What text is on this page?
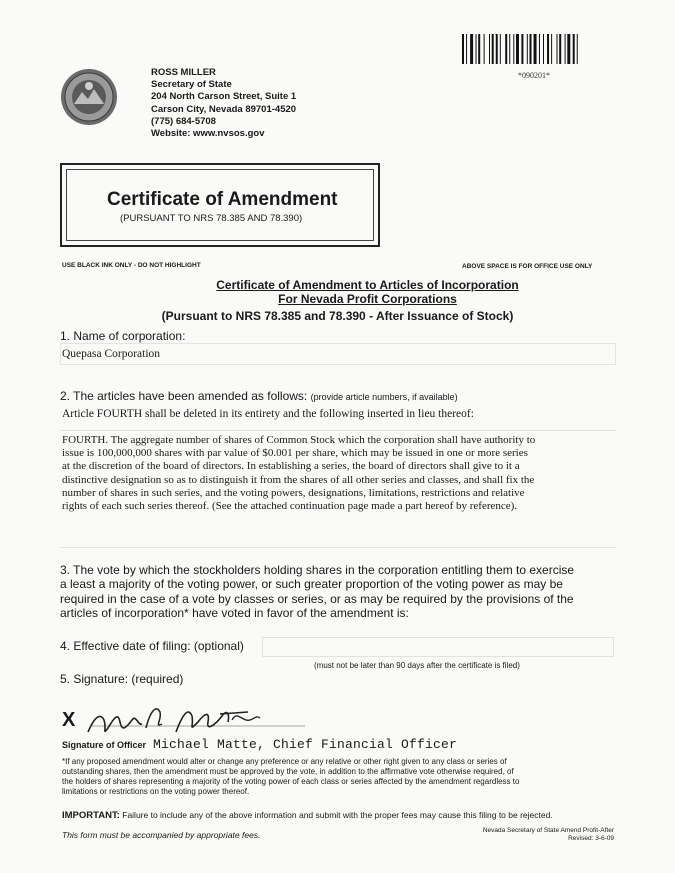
*090201*
ROSS MILLER
Secretary of State
204 North Carson Street, Suite 1
Carson City, Nevada 89701-4520
(775) 684-5708
Website: www.nvsos.gov
Certificate of Amendment
(PURSUANT TO NRS 78.385 AND 78.390)
USE BLACK INK ONLY - DO NOT HIGHLIGHT	ABOVE SPACE IS FOR OFFICE USE ONLY
Certificate of Amendment to Articles of Incorporation
For Nevada Profit Corporations
(Pursuant to NRS 78.385 and 78.390 - After Issuance of Stock)
1. Name of corporation:
Quepasa Corporation
2. The articles have been amended as follows: (provide article numbers, if available)
Article FOURTH shall be deleted in its entirety and the following inserted in lieu thereof:
FOURTH. The aggregate number of shares of Common Stock which the corporation shall have authority to
issue is 100,000,000 shares with par value of $0.001 per share, which may be issued in one or more series
at the discretion of the board of directors. In establishing a series, the board of directors shall give to it a
distinctive designation so as to distinguish it from the shares of all other series and classes, and shall fix the
number of shares in such series, and the voting powers, designations, limitations, restrictions and relative
rights of each such series thereof. (See the attached continuation page made a part hereof by reference).
3. The vote by which the stockholders holding shares in the corporation entitling them to exercise
a least a majority of the voting power, or such greater proportion of the voting power as may be
required in the case of a vote by classes or series, or as may be required by the provisions of the
articles of incorporation* have voted in favor of the amendment is:
4. Effective date of filing: (optional)
(must not be later than 90 days after the certificate is filed)
5. Signature: (required)
X
Signature of Officer Michael Matte, Chief Financial Officer
*If any proposed amendment would alter or change any preference or any relative or other right given to any class or series of
outstanding shares, then the amendment must be approved by the vote, in addition to the affirmative vote otherwise required, of
the holders of shares representing a majority of the voting power of each class or series affected by the amendment regardless to
limitations or restrictions on the voting power thereof.
IMPORTANT: Failure to include any of the above information and submit with the proper fees may cause this filing to be rejected.
This form must be accompanied by appropriate fees.	Nevada Secretary of State Amend Profit-After
Revised: 3-6-09
